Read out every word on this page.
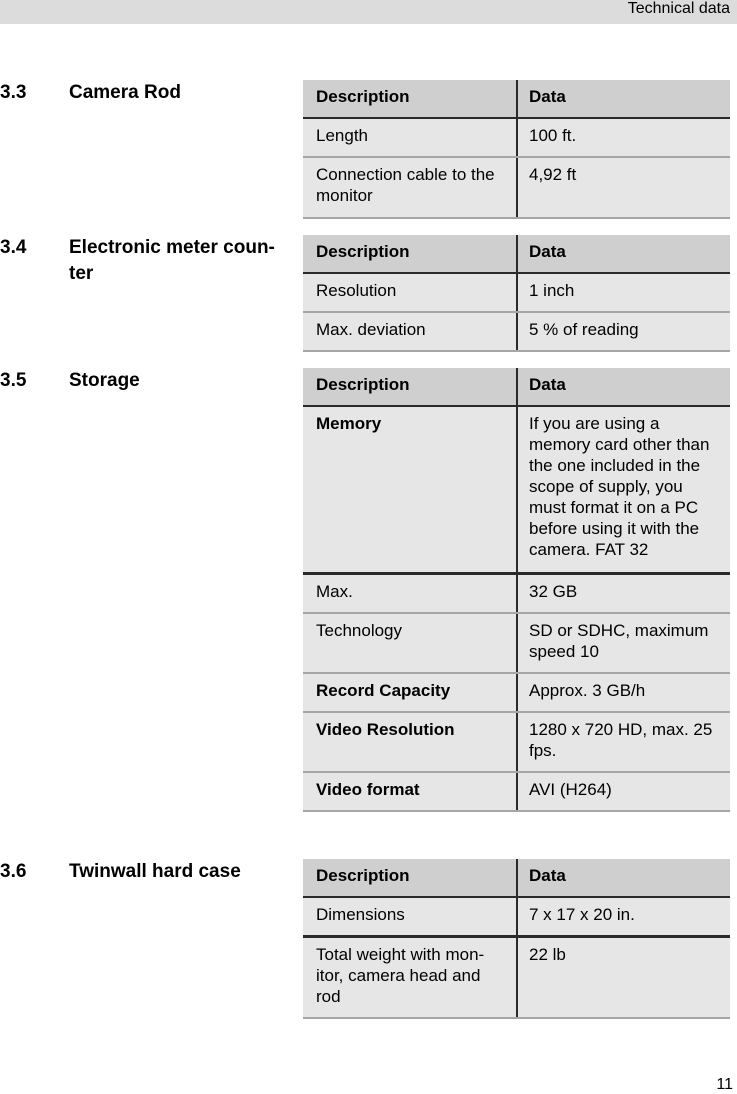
Technical data
3.3 Camera Rod	Description	Data
Length	100 ft.
Connection cable to the monitor	4,92 ft
3.4 Electronic meter coun-ter
Description	Data
Resolution	1 inch
Max. deviation	5 % of reading
3.5 Storage	Description	Data
Memory	If you are using a memory card other than the one included in the scope of supply, you must format it on a PC before using it with the camera. FAT 32
Max.	32 GB
Technology	SD or SDHC, maximum speed 10
Record Capacity	Approx. 3 GB/h
Video Resolution	1280 x 720 HD, max. 25 fps.
Video format	AVI (H264)
3.6 Twinwall hard case	Description	Data
Dimensions	7 x 17 x 20 in.
Total weight with mon-itor, camera head and rod	22 lb
11
